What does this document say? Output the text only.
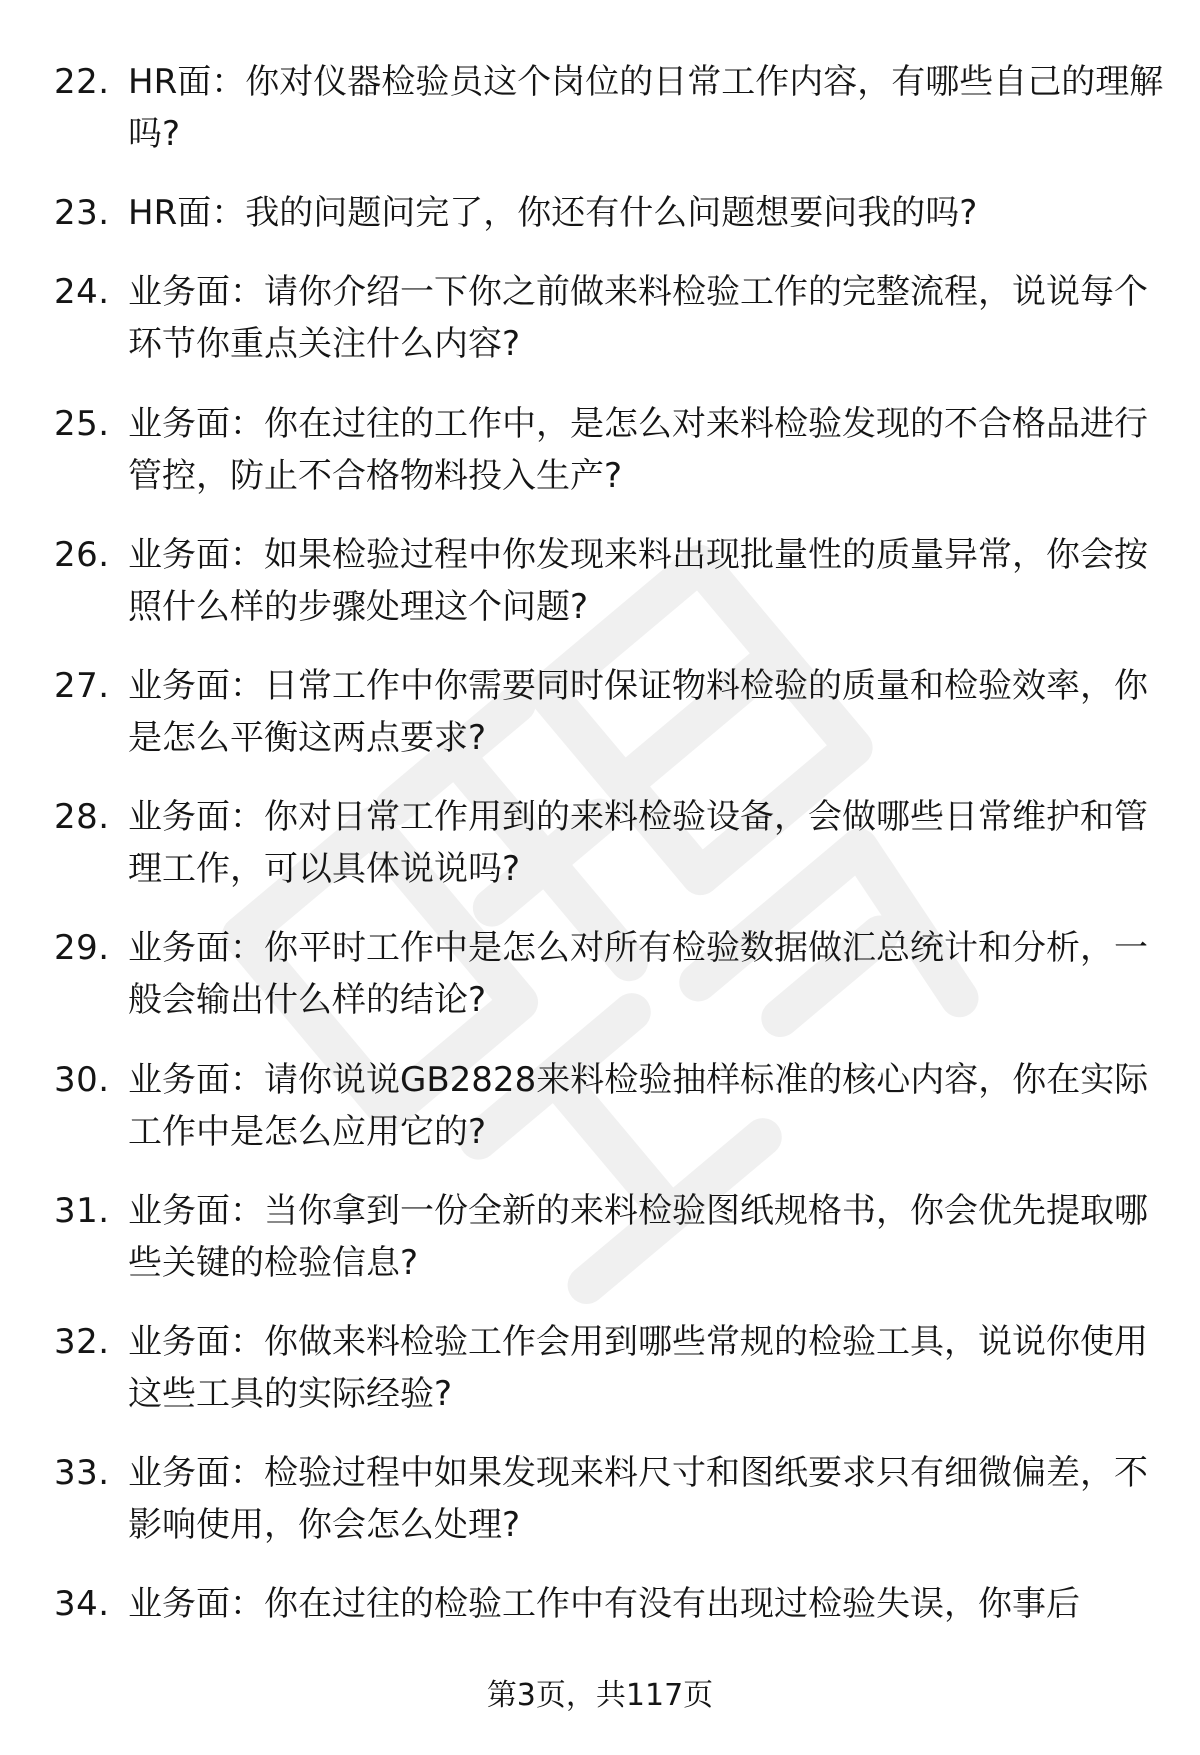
22. HR面：你对仪器检验员这个岗位的日常工作内容，有哪些自己的理解吗?
23. HR面：我的问题问完了，你还有什么问题想要问我的吗?
24. 业务面：请你介绍一下你之前做来料检验工作的完整流程，说说每个环节你重点关注什么内容?
25. 业务面：你在过往的工作中，是怎么对来料检验发现的不合格品进行管控，防止不合格物料投入生产?
26. 业务面：如果检验过程中你发现来料出现批量性的质量异常，你会按照什么样的步骤处理这个问题?
27. 业务面：日常工作中你需要同时保证物料检验的质量和检验效率，你是怎么平衡这两点要求?
28. 业务面：你对日常工作用到的来料检验设备，会做哪些日常维护和管理工作，可以具体说说吗?
29. 业务面：你平时工作中是怎么对所有检验数据做汇总统计和分析，一般会输出什么样的结论?
30. 业务面：请你说说GB2828来料检验抽样标准的核心内容，你在实际工作中是怎么应用它的?
31. 业务面：当你拿到一份全新的来料检验图纸规格书，你会优先提取哪些关键的检验信息?
32. 业务面：你做来料检验工作会用到哪些常规的检验工具，说说你使用这些工具的实际经验?
33. 业务面：检验过程中如果发现来料尺寸和图纸要求只有细微偏差，不影响使用，你会怎么处理?
34. 业务面：你在过往的检验工作中有没有出现过检验失误，你事后
第3页，共117页
